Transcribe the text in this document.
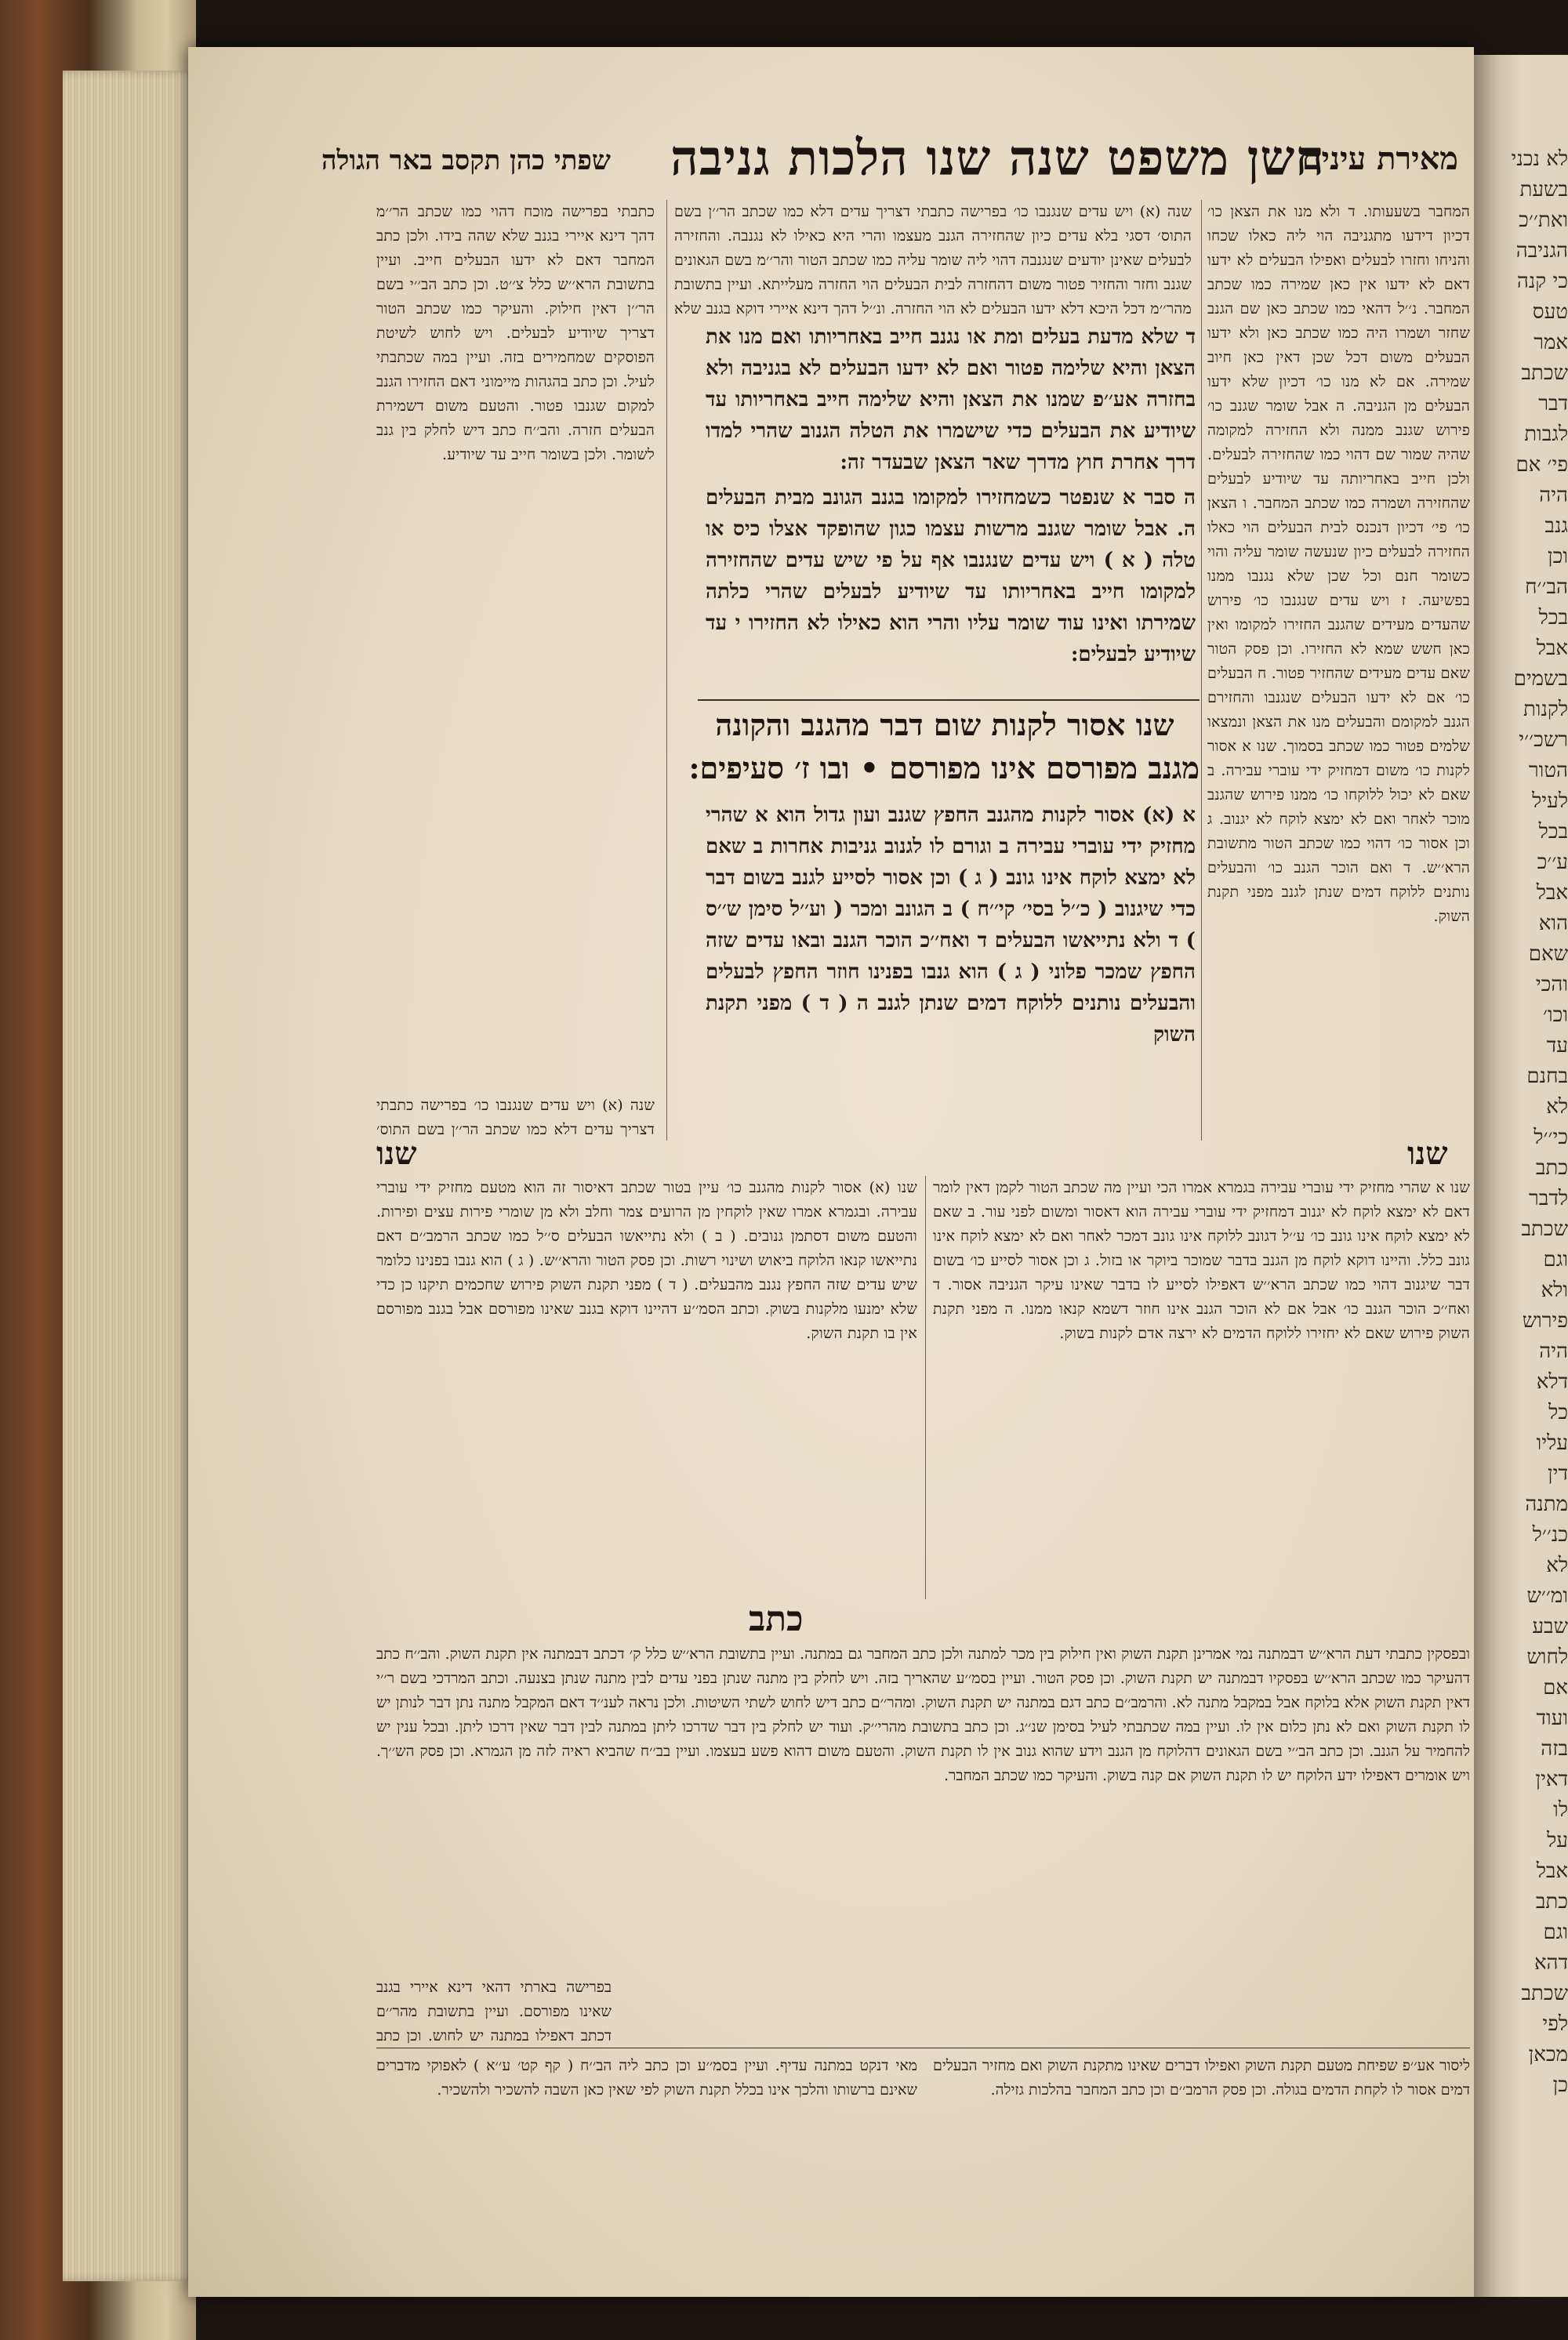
לא נכני
בשעת
ואת׳׳כ
הגניבה
כי קנה
טעס
אמר
שכתב
דבר
לגבות
פי׳ אם
היה
גנב
וכן
הב׳׳ח
בכל
אבל
בשמים
לקנות
רשכ׳׳י
הטור
לעיל
בכל
ע׳׳כ
אבל
הוא
שאם
והכי
וכו׳
עד
בחנם
לא
כי׳׳ל
כתב
לדבר
שכתב
וגם
ולא
פירוש
היה
דלא
כל
עליו
דין
מתנה
כנ׳׳ל
לא
ומ׳׳ש
שבע
לחוש
אם
ועוד
בזה
דאין
לו
על
אבל
כתב
וגם
דהא
שכתב
לפי
מכאן
כן
מאירת עינים
חשן משפט שנה שנו הלכות גניבה
שפתי כהן תקסב באר הגולה
המחבר בשעעותו. ד ולא מנו את הצאן כו׳ דכיון דידעו מתגניבה הוי ליה כאלו שכחו והניחו וחזרו לבעלים ואפילו הבעלים לא ידעו דאם לא ידעו אין כאן שמירה כמו שכתב המחבר. נ׳׳ל דהאי כמו שכתב כאן שם הגנב שחזר ושמרו היה כמו שכתב כאן ולא ידעו הבעלים משום דכל שכן דאין כאן חיוב שמירה. אם לא מנו כו׳ דכיון שלא ידעו הבעלים מן הגניבה. ה אבל שומר שגנב כו׳ פירוש שגנב ממנה ולא החזירה למקומה שהיה שמור שם דהוי כמו שהחזירה לבעלים. ולכן חייב באחריותה עד שיודיע לבעלים שהחזירה ושמרה כמו שכתב המחבר. ו הצאן כו׳ פי׳ דכיון דנכנס לבית הבעלים הוי כאלו החזירה לבעלים כיון שנעשה שומר עליה והוי כשומר חנם וכל שכן שלא נגנבו ממנו בפשיעה. ז ויש עדים שנגנבו כו׳ פירוש שהעדים מעידים שהגנב החזירו למקומו ואין כאן חשש שמא לא החזירו. וכן פסק הטור שאם עדים מעידים שהחזיר פטור. ח הבעלים כו׳ אם לא ידעו הבעלים שנגנבו והחזירם הגנב למקומם והבעלים מנו את הצאן ונמצאו שלמים פטור כמו שכתב בסמוך. שנו א אסור לקנות כו׳ משום דמחזיק ידי עוברי עבירה. ב שאם לא יכול ללוקחו כו׳ ממנו פירוש שהגנב מוכר לאחר ואם לא ימצא לוקח לא יגנוב. ג וכן אסור כו׳ דהוי כמו שכתב הטור מתשובת הרא׳׳ש. ד ואם הוכר הגנב כו׳ והבעלים נותנים ללוקח דמים שנתן לגנב מפני תקנת השוק.
שנה (א) ויש עדים שנגנבו כו׳ בפרישה כתבתי דצריך עדים דלא כמו שכתב הר׳׳ן בשם התוס׳ דסגי בלא עדים כיון שהחזירה הגנב מעצמו והרי היא כאילו לא נגנבה. והחזירה לבעלים שאינן יודעים שנגנבה דהוי ליה שומר עליה כמו שכתב הטור והר׳׳מ בשם הגאונים שגנב וחזר והחזיר פטור משום דהחזרה לבית הבעלים הוי החזרה מעלייתא. ועיין בתשובת מהר׳׳מ דכל היכא דלא ידעו הבעלים לא הוי החזרה. ונ׳׳ל דהך דינא איירי דוקא בגנב שלא
ד שלא מדעת בעלים ומת או נגנב חייב באחריותו ואם מנו את הצאן והיא שלימה פטור ואם לא ידעו הבעלים לא בגניבה ולא בחזרה אע׳׳פ שמנו את הצאן והיא שלימה חייב באחריותו עד שיודיע את הבעלים כדי שישמרו את הטלה הגנוב שהרי למדו דרך אחרת חוץ מדרך שאר הצאן שבעדר זה:
ה סבר א שנפטר כשמחזירו למקומו בגנב הגונב מבית הבעלים ה. אבל שומר שגנב מרשות עצמו כגון שהופקד אצלו כיס או טלה ( א ) ויש עדים שנגנבו אף על פי שיש עדים שהחזירה למקומו חייב באחריותו עד שיודיע לבעלים שהרי כלתה שמירתו ואינו עוד שומר עליו והרי הוא כאילו לא החזירו י עד שיודיע לבעלים:
שנו אסור לקנות שום דבר מהגנב והקונה
מגנב מפורסם אינו מפורסם • ובו ז׳ סעיפים:
א (א) אסור לקנות מהגנב החפץ שגנב ועון גדול הוא א שהרי מחזיק ידי עוברי עבירה ב וגורם לו לגנוב גניבות אחרות ב שאם לא ימצא לוקח אינו גונב ( ג ) וכן אסור לסייע לגנב בשום דבר כדי שיגנוב ( כ׳׳ל בסי׳ קי׳׳ח ) ב הגונב ומכר ( וע׳׳ל סימן ש׳׳ס ) ד ולא נתייאשו הבעלים ד ואח׳׳כ הוכר הגנב ובאו עדים שזה החפץ שמכר פלוני ( ג ) הוא גנבו בפנינו חוזר החפץ לבעלים והבעלים נותנים ללוקח דמים שנתן לגנב ה ( ד ) מפני תקנת השוק
כתבתי בפרישה מוכח דהוי כמו שכתב הר׳׳מ דהך דינא איירי בגנב שלא שהה בידו. ולכן כתב המחבר דאם לא ידעו הבעלים חייב. ועיין בתשובת הרא׳׳ש כלל צ׳׳ט. וכן כתב הב׳׳י בשם הר׳׳ן דאין חילוק. והעיקר כמו שכתב הטור דצריך שיודיע לבעלים. ויש לחוש לשיטת הפוסקים שמחמירים בזה. ועיין במה שכתבתי לעיל. וכן כתב בהגהות מיימוני דאם החזירו הגנב למקום שגנבו פטור. והטעם משום דשמירת הבעלים חזרה. והב׳׳ח כתב דיש לחלק בין גנב לשומר. ולכן בשומר חייב עד שיודיע.
שנה (א) ויש עדים שנגנבו כו׳ בפרישה כתבתי דצריך עדים דלא כמו שכתב הר׳׳ן בשם התוס׳
שנו
שנו
שנו א שהרי מחזיק ידי עוברי עבירה בגמרא אמרו הכי ועיין מה שכתב הטור לקמן דאין לומר דאם לא ימצא לוקח לא יגנוב דמחזיק ידי עוברי עבירה הוא דאסור ומשום לפני עור. ב שאם לא ימצא לוקח אינו גונב כו׳ ע׳׳ל דגונב ללוקח אינו גונב דמכר לאחר ואם לא ימצא לוקח אינו גונב כלל. והיינו דוקא לוקח מן הגנב בדבר שמוכר ביוקר או בזול. ג וכן אסור לסייע כו׳ בשום דבר שיגנוב דהוי כמו שכתב הרא׳׳ש דאפילו לסייע לו בדבר שאינו עיקר הגניבה אסור. ד ואח׳׳כ הוכר הגנב כו׳ אבל אם לא הוכר הגנב אינו חוזר דשמא קנאו ממנו. ה מפני תקנת השוק פירוש שאם לא יחזירו ללוקח הדמים לא ירצה אדם לקנות בשוק.
שנו (א) אסור לקנות מהגנב כו׳ עיין בטור שכתב דאיסור זה הוא מטעם מחזיק ידי עוברי עבירה. ובגמרא אמרו שאין לוקחין מן הרועים צמר וחלב ולא מן שומרי פירות עצים ופירות. והטעם משום דסתמן גנובים. ( ב ) ולא נתייאשו הבעלים ס׳׳ל כמו שכתב הרמב׳׳ם דאם נתייאשו קנאו הלוקח ביאוש ושינוי רשות. וכן פסק הטור והרא׳׳ש. ( ג ) הוא גנבו בפנינו כלומר שיש עדים שזה החפץ נגנב מהבעלים. ( ד ) מפני תקנת השוק פירוש שחכמים תיקנו כן כדי שלא ימנעו מלקנות בשוק. וכתב הסמ׳׳ע דהיינו דוקא בגנב שאינו מפורסם אבל בגנב מפורסם אין בו תקנת השוק.
כתב
ובפסקין כתבתי דעת הרא׳׳ש דבמתנה נמי אמרינן תקנת השוק ואין חילוק בין מכר למתנה ולכן כתב המחבר גם במתנה. ועיין בתשובת הרא׳׳ש כלל ק׳ דכתב דבמתנה אין תקנת השוק. והב׳׳ח כתב דהעיקר כמו שכתב הרא׳׳ש בפסקיו דבמתנה יש תקנת השוק. וכן פסק הטור. ועיין בסמ׳׳ע שהאריך בזה. ויש לחלק בין מתנה שנתן בפני עדים לבין מתנה שנתן בצנעה. וכתב המרדכי בשם ר׳׳י דאין תקנת השוק אלא בלוקח אבל במקבל מתנה לא. והרמב׳׳ם כתב דגם במתנה יש תקנת השוק. ומהר׳׳ם כתב דיש לחוש לשתי השיטות. ולכן נראה לענ׳׳ד דאם המקבל מתנה נתן דבר לנותן יש לו תקנת השוק ואם לא נתן כלום אין לו. ועיין במה שכתבתי לעיל בסימן שנ׳׳ג. וכן כתב בתשובת מהרי׳׳ק. ועוד יש לחלק בין דבר שדרכו ליתן במתנה לבין דבר שאין דרכו ליתן. ובכל ענין יש להחמיר על הגנב. וכן כתב הב׳׳י בשם הגאונים דהלוקח מן הגנב וידע שהוא גנוב אין לו תקנת השוק. והטעם משום דהוא פשע בעצמו. ועיין בב׳׳ח שהביא ראיה לזה מן הגמרא. וכן פסק הש׳׳ך. ויש אומרים דאפילו ידע הלוקח יש לו תקנת השוק אם קנה בשוק. והעיקר כמו שכתב המחבר.
בפרישה בארתי דהאי דינא איירי בגנב שאינו מפורסם. ועיין בתשובת מהר׳׳ם דכתב דאפילו במתנה יש לחוש. וכן כתב
ליסור אע׳׳פ שפיחת מטעם תקנת השוק ואפילו דברים שאינו מתקנת השוק ואם מחזיר הבעלים דמים אסור לו לקחת הדמים בגולה. וכן פסק הרמב׳׳ם וכן כתב המחבר בהלכות גזילה.
מאי דנקט במתנה עדיף. ועיין בסמ׳׳ע וכן כתב ליה הב׳׳ח ( קף קט׳ ע׳׳א ) לאפוקי מדברים שאינם ברשותו והלכך אינו בכלל תקנת השוק לפי שאין כאן השבה להשכיר ולהשכיר.
